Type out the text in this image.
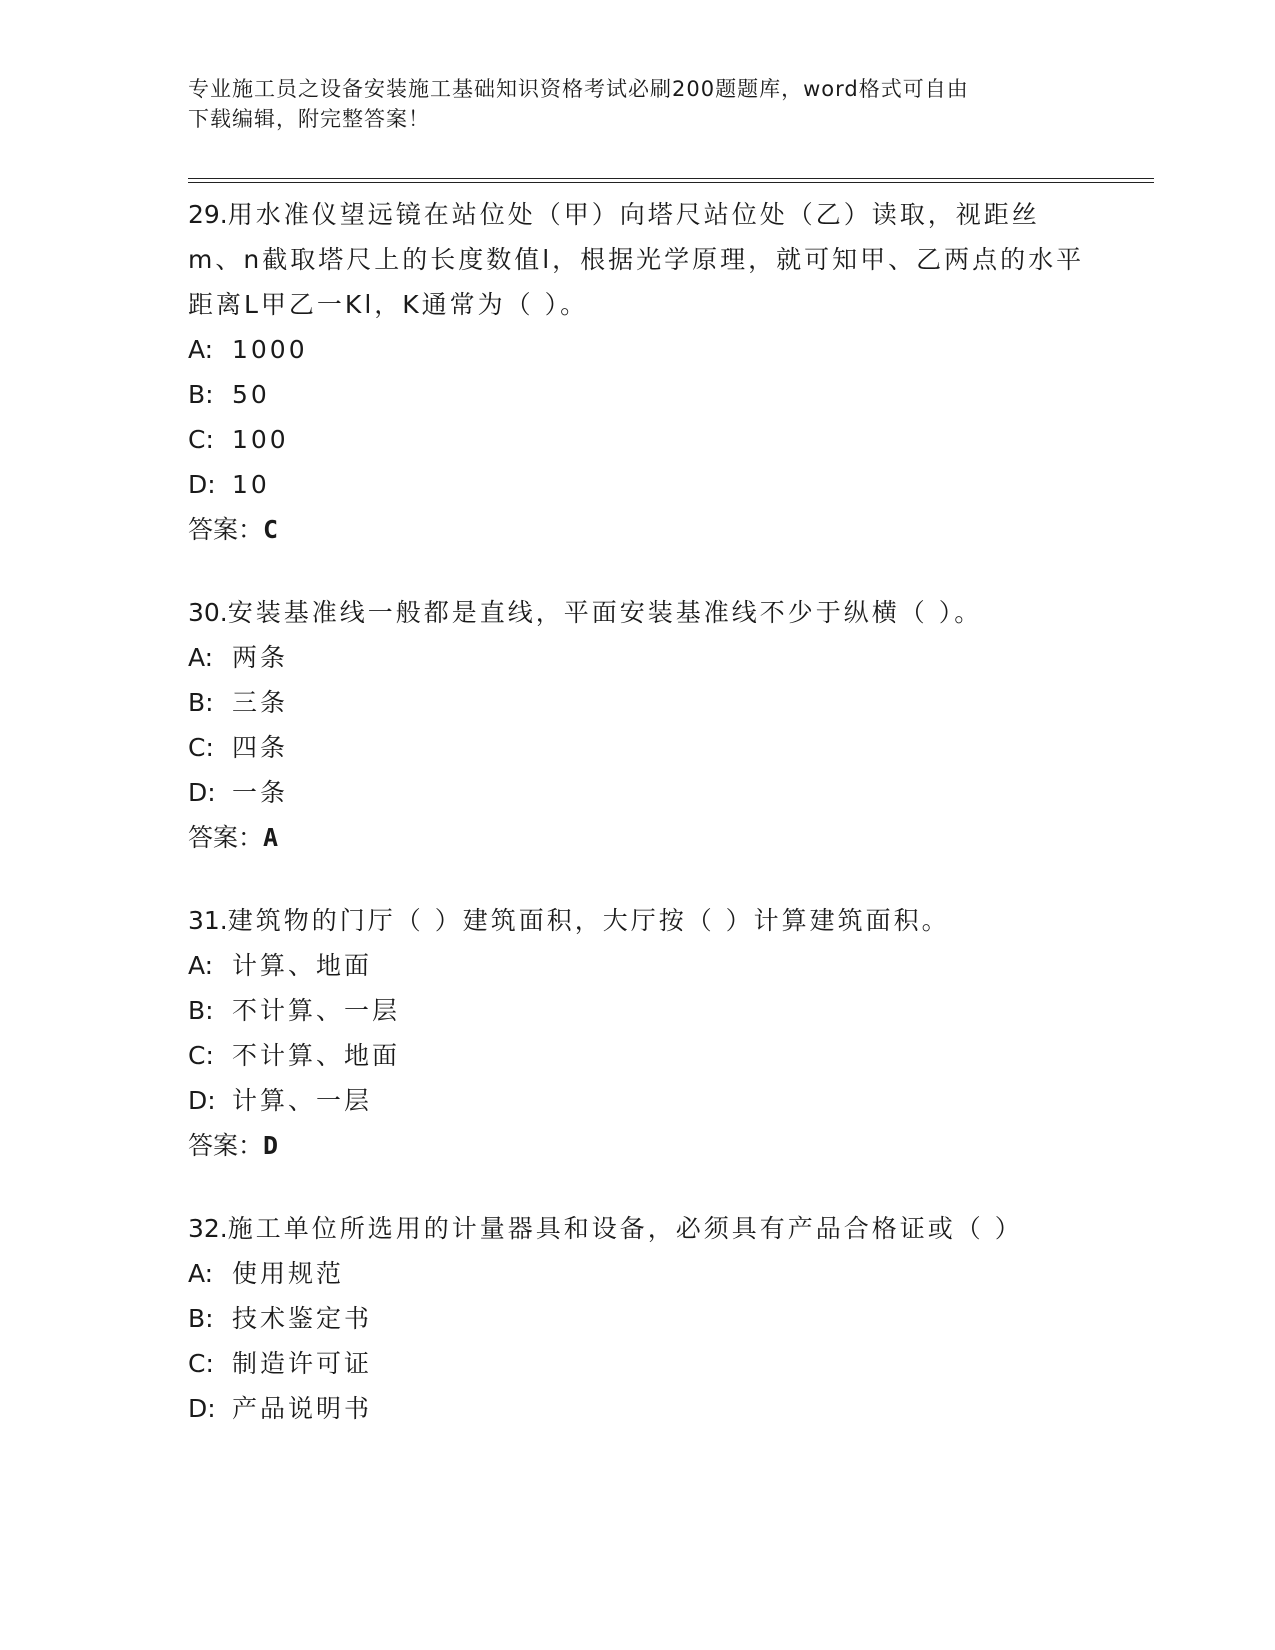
专业施工员之设备安装施工基础知识资格考试必刷200题题库，word格式可自由
下载编辑，附完整答案！

29.用水准仪望远镜在站位处（甲）向塔尺站位处（乙）读取，视距丝m、n截取塔尺上的长度数值l，根据光学原理，就可知甲、乙两点的水平距离L甲乙一Kl，K通常为（ ）。

A: 1000

B: 50

C: 100

D: 10

答案：C

30.安装基准线一般都是直线，平面安装基准线不少于纵横（ ）。

A: 两条

B: 三条

C: 四条

D: 一条

答案：A

31.建筑物的门厅（ ）建筑面积，大厅按（ ）计算建筑面积。

A: 计算、地面

B: 不计算、一层

C: 不计算、地面

D: 计算、一层

答案：D

32.施工单位所选用的计量器具和设备，必须具有产品合格证或（ ）

A: 使用规范

B: 技术鉴定书

C: 制造许可证

D: 产品说明书
